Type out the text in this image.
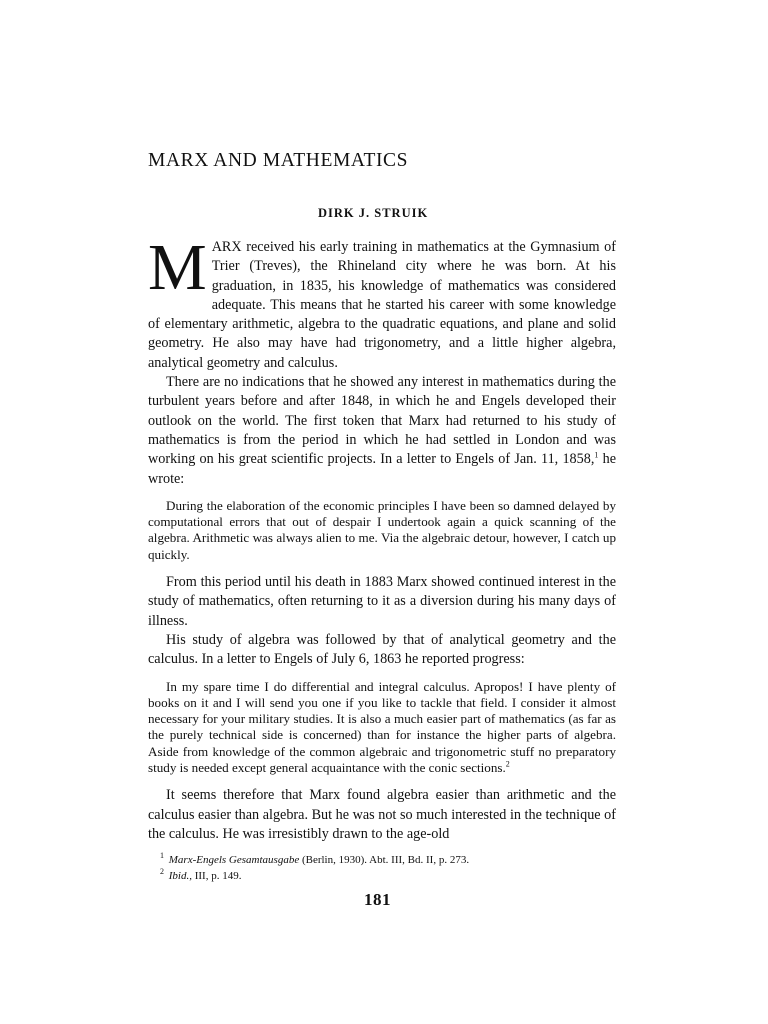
MARX AND MATHEMATICS
DIRK J. STRUIK

MARX received his early training in mathematics at the Gymnasium of Trier (Treves), the Rhineland city where he was born. At his graduation, in 1835, his knowledge of mathematics was considered adequate. This means that he started his career with some knowledge of elementary arithmetic, algebra to the quadratic equations, and plane and solid geometry. He also may have had trigonometry, and a little higher algebra, analytical geometry and calculus.

There are no indications that he showed any interest in mathematics during the turbulent years before and after 1848, in which he and Engels developed their outlook on the world. The first token that Marx had returned to his study of mathematics is from the period in which he had settled in London and was working on his great scientific projects. In a letter to Engels of Jan. 11, 1858,$^1$ he wrote:

During the elaboration of the economic principles I have been so damned delayed by computational errors that out of despair I undertook again a quick scanning of the algebra. Arithmetic was always alien to me. Via the algebraic detour, however, I catch up quickly.

From this period until his death in 1883 Marx showed continued interest in the study of mathematics, often returning to it as a diversion during his many days of illness.

His study of algebra was followed by that of analytical geometry and the calculus. In a letter to Engels of July 6, 1863 he reported progress:

In my spare time I do differential and integral calculus. Apropos! I have plenty of books on it and I will send you one if you like to tackle that field. I consider it almost necessary for your military studies. It is also a much easier part of mathematics (as far as the purely technical side is concerned) than for instance the higher parts of algebra. Aside from knowledge of the common algebraic and trigonometric stuff no preparatory study is needed except general acquaintance with the conic sections.$^2$

It seems therefore that Marx found algebra easier than arithmetic and the calculus easier than algebra. But he was not so much interested in the technique of the calculus. He was irresistibly drawn to the age-old

$^1$ Marx-Engels Gesamtausgabe (Berlin, 1930). Abt. III, Bd. II, p. 273.
$^2$ Ibid., III, p. 149.
181
